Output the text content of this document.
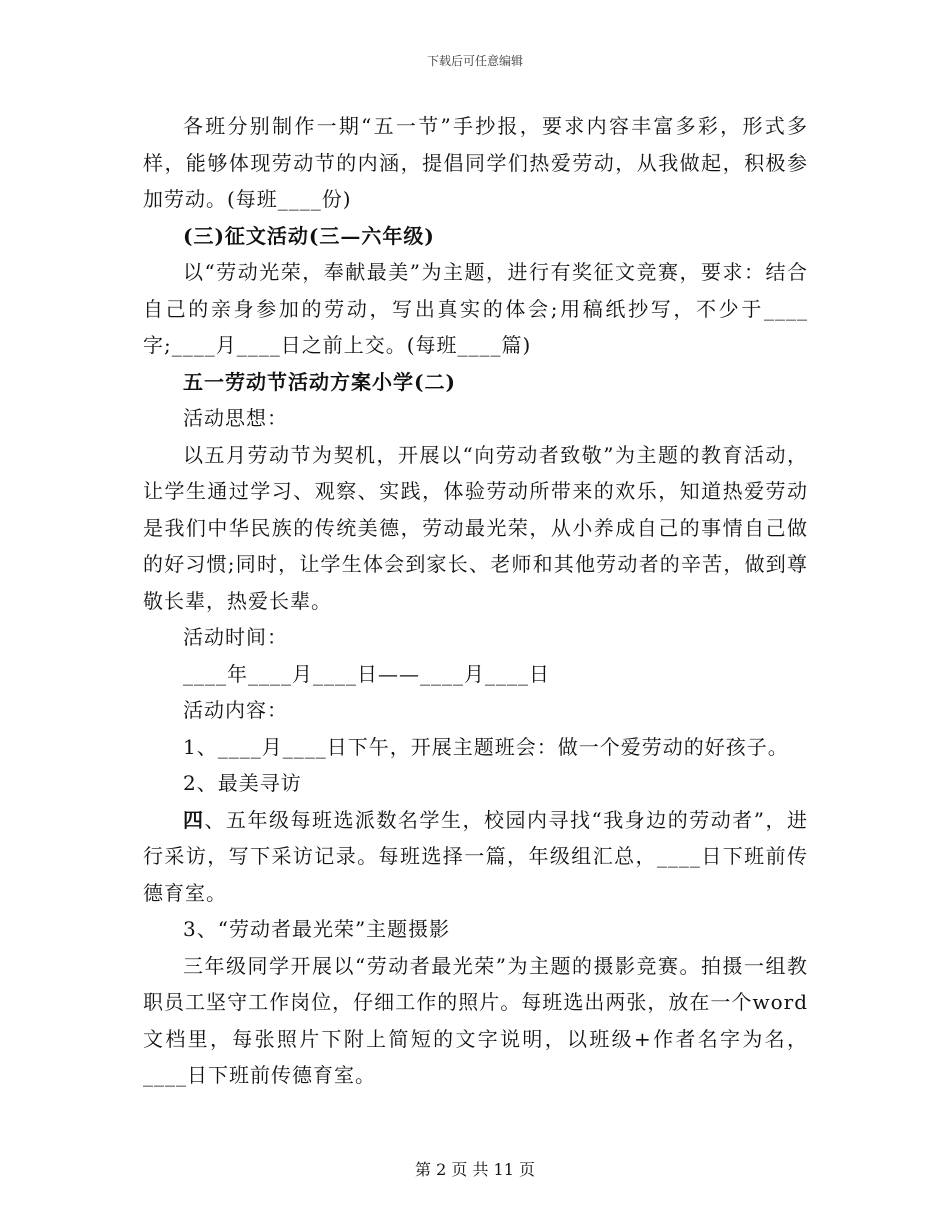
下载后可任意编辑

各班分别制作一期“五一节”手抄报，要求内容丰富多彩，形式多样，能够体现劳动节的内涵，提倡同学们热爱劳动，从我做起，积极参加劳动。(每班____份)

(三)征文活动(三—六年级)

以“劳动光荣，奉献最美”为主题，进行有奖征文竞赛，要求：结合自己的亲身参加的劳动，写出真实的体会;用稿纸抄写，不少于____字;____月____日之前上交。(每班____篇)

五一劳动节活动方案小学(二)

活动思想：

以五月劳动节为契机，开展以“向劳动者致敬”为主题的教育活动，让学生通过学习、观察、实践，体验劳动所带来的欢乐，知道热爱劳动是我们中华民族的传统美德，劳动最光荣，从小养成自己的事情自己做的好习惯;同时，让学生体会到家长、老师和其他劳动者的辛苦，做到尊敬长辈，热爱长辈。

活动时间：

____年____月____日——____月____日

活动内容：

1、____月____日下午，开展主题班会：做一个爱劳动的好孩子。

2、最美寻访

四、五年级每班选派数名学生，校园内寻找“我身边的劳动者”，进行采访，写下采访记录。每班选择一篇，年级组汇总，____日下班前传德育室。

3、“劳动者最光荣”主题摄影

三年级同学开展以“劳动者最光荣”为主题的摄影竞赛。拍摄一组教职员工坚守工作岗位，仔细工作的照片。每班选出两张，放在一个word文档里，每张照片下附上简短的文字说明，以班级+作者名字为名，____日下班前传德育室。

第 2 页 共 11 页
